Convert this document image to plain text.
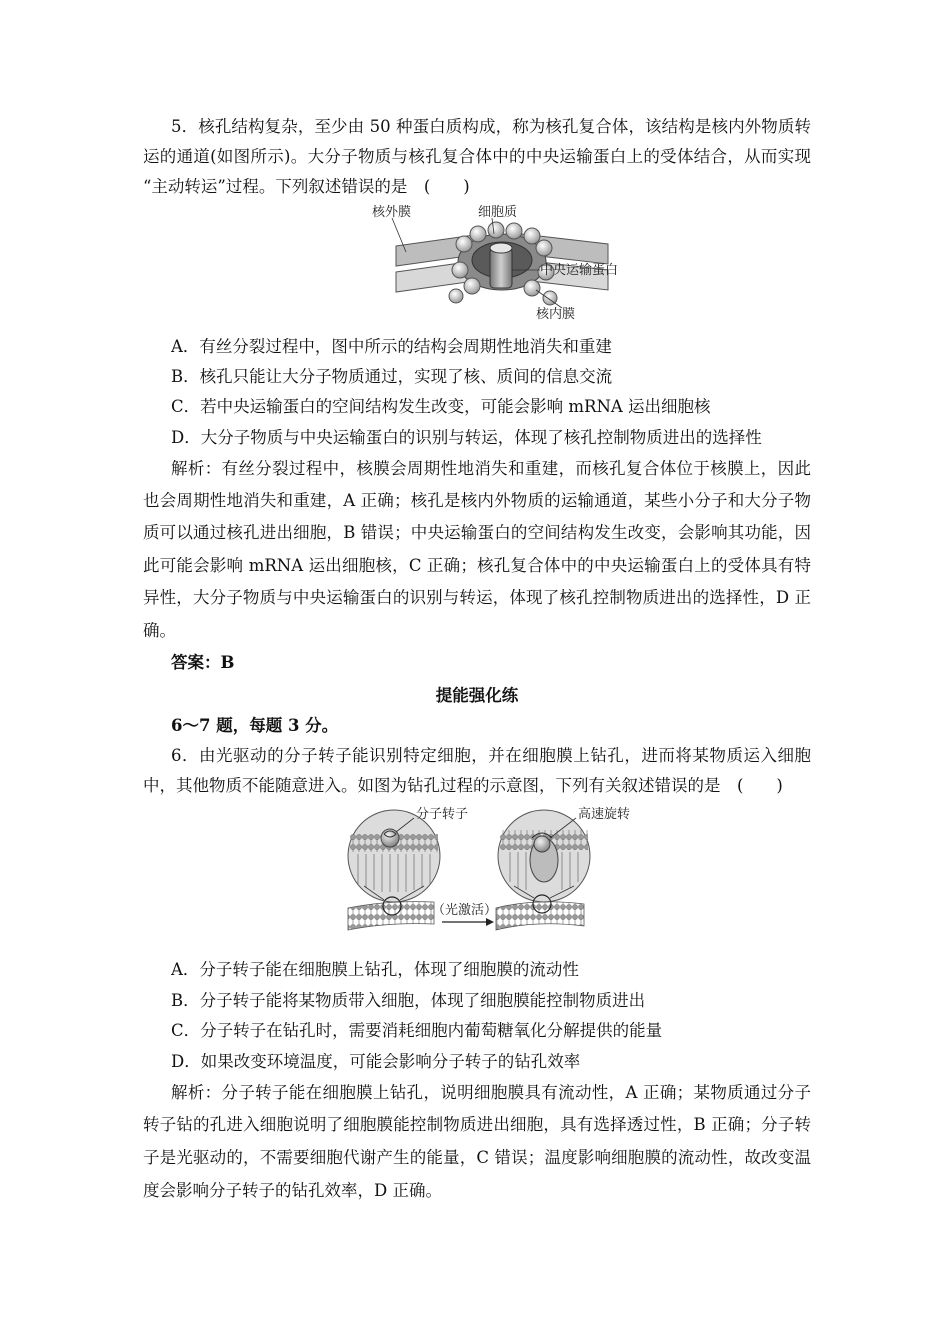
5．核孔结构复杂，至少由 50 种蛋白质构成，称为核孔复合体，该结构是核内外物质转
运的通道(如图所示)。大分子物质与核孔复合体中的中央运输蛋白上的受体结合，从而实现
“主动转运”过程。下列叙述错误的是　(　　)
核外膜	细胞质
中央运输蛋白
核内膜
A．有丝分裂过程中，图中所示的结构会周期性地消失和重建
B．核孔只能让大分子物质通过，实现了核、质间的信息交流
C．若中央运输蛋白的空间结构发生改变，可能会影响 mRNA 运出细胞核
D．大分子物质与中央运输蛋白的识别与转运，体现了核孔控制物质进出的选择性
解析：有丝分裂过程中，核膜会周期性地消失和重建，而核孔复合体位于核膜上，因此
也会周期性地消失和重建，A 正确；核孔是核内外物质的运输通道，某些小分子和大分子物
质可以通过核孔进出细胞，B 错误；中央运输蛋白的空间结构发生改变，会影响其功能，因
此可能会影响 mRNA 运出细胞核，C 正确；核孔复合体中的中央运输蛋白上的受体具有特
异性，大分子物质与中央运输蛋白的识别与转运，体现了核孔控制物质进出的选择性，D 正
确。
答案：B
提能强化练
6～7 题，每题 3 分。
6．由光驱动的分子转子能识别特定细胞，并在细胞膜上钻孔，进而将某物质运入细胞
中，其他物质不能随意进入。如图为钻孔过程的示意图，下列有关叙述错误的是　(　　)
分子转子	高速旋转
（光激活）
A．分子转子能在细胞膜上钻孔，体现了细胞膜的流动性
B．分子转子能将某物质带入细胞，体现了细胞膜能控制物质进出
C．分子转子在钻孔时，需要消耗细胞内葡萄糖氧化分解提供的能量
D．如果改变环境温度，可能会影响分子转子的钻孔效率
解析：分子转子能在细胞膜上钻孔，说明细胞膜具有流动性，A 正确；某物质通过分子
转子钻的孔进入细胞说明了细胞膜能控制物质进出细胞，具有选择透过性，B 正确；分子转
子是光驱动的，不需要细胞代谢产生的能量，C 错误；温度影响细胞膜的流动性，故改变温
度会影响分子转子的钻孔效率，D 正确。
